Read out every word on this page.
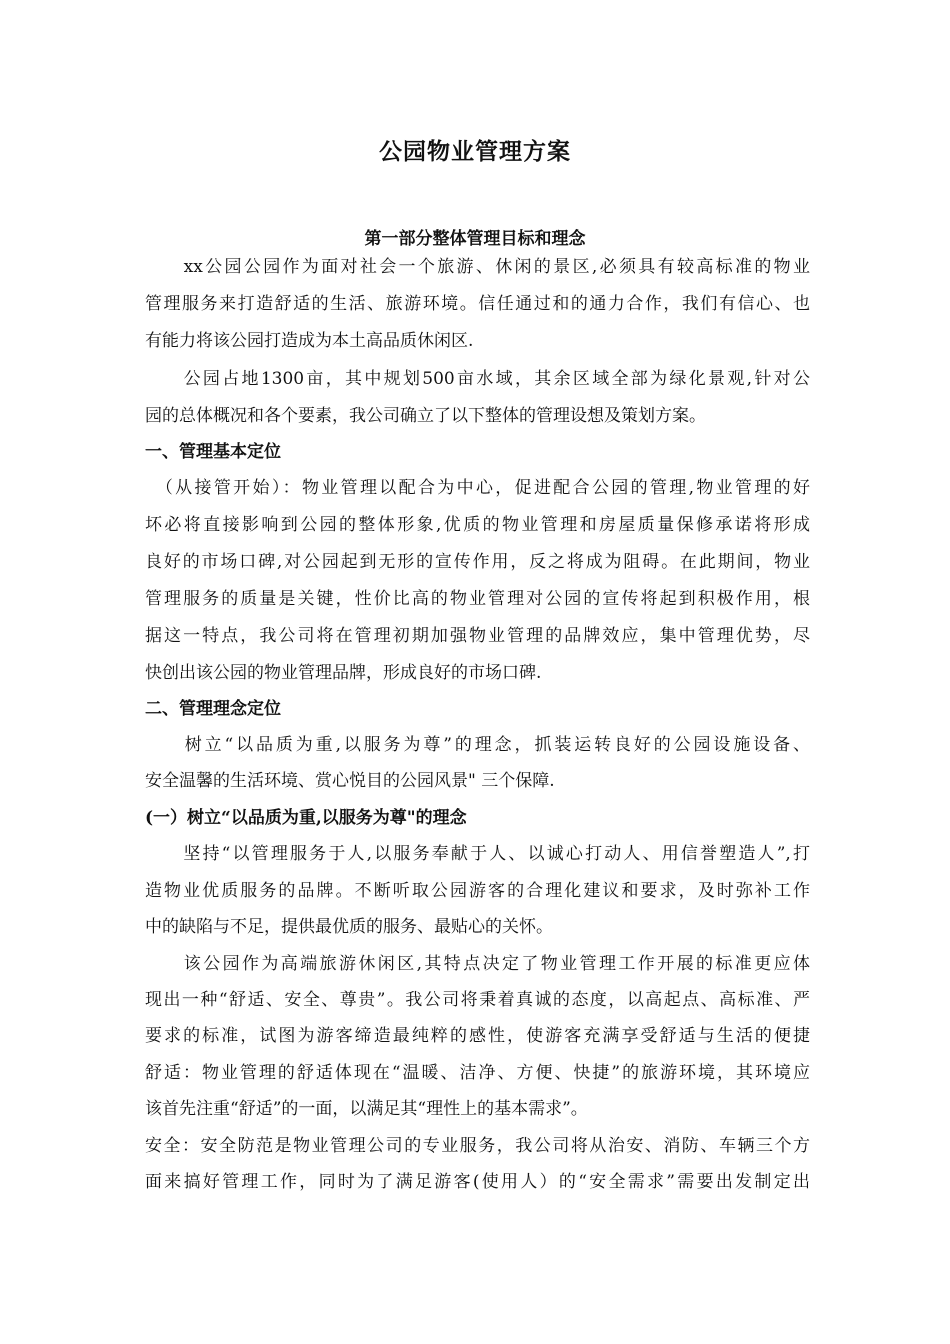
公园物业管理方案
第一部分整体管理目标和理念
　　xx公园公园作为面对社会一个旅游、休闲的景区,必须具有较高标准的物业
管理服务来打造舒适的生活、旅游环境。信任通过和的通力合作，我们有信心、也
有能力将该公园打造成为本土高品质休闲区.
　　公园占地1300亩，其中规划500亩水域，其余区域全部为绿化景观,针对公
园的总体概况和各个要素，我公司确立了以下整体的管理设想及策划方案。
一、管理基本定位
　（从接管开始）：物业管理以配合为中心，促进配合公园的管理,物业管理的好
坏必将直接影响到公园的整体形象,优质的物业管理和房屋质量保修承诺将形成
良好的市场口碑,对公园起到无形的宣传作用，反之将成为阻碍。在此期间，物业
管理服务的质量是关键，性价比高的物业管理对公园的宣传将起到积极作用，根
据这一特点，我公司将在管理初期加强物业管理的品牌效应，集中管理优势，尽
快创出该公园的物业管理品牌，形成良好的市场口碑.
二、管理理念定位
　　树立“以品质为重,以服务为尊”的理念，抓装运转良好的公园设施设备、
安全温馨的生活环境、赏心悦目的公园风景" 三个保障.
(一）树立“以品质为重,以服务为尊"的理念
　　坚持“以管理服务于人,以服务奉献于人、以诚心打动人、用信誉塑造人”,打
造物业优质服务的品牌。不断听取公园游客的合理化建议和要求，及时弥补工作
中的缺陷与不足，提供最优质的服务、最贴心的关怀。
　　该公园作为高端旅游休闲区,其特点决定了物业管理工作开展的标准更应体
现出一种“舒适、安全、尊贵”。我公司将秉着真诚的态度，以高起点、高标准、严
要求的标准，试图为游客缔造最纯粹的感性，使游客充满享受舒适与生活的便捷
舒适：物业管理的舒适体现在“温暖、洁净、方便、快捷”的旅游环境，其环境应
该首先注重“舒适”的一面，以满足其“理性上的基本需求”。
安全：安全防范是物业管理公司的专业服务，我公司将从治安、消防、车辆三个方
面来搞好管理工作，同时为了满足游客(使用人）的“安全需求”需要出发制定出
